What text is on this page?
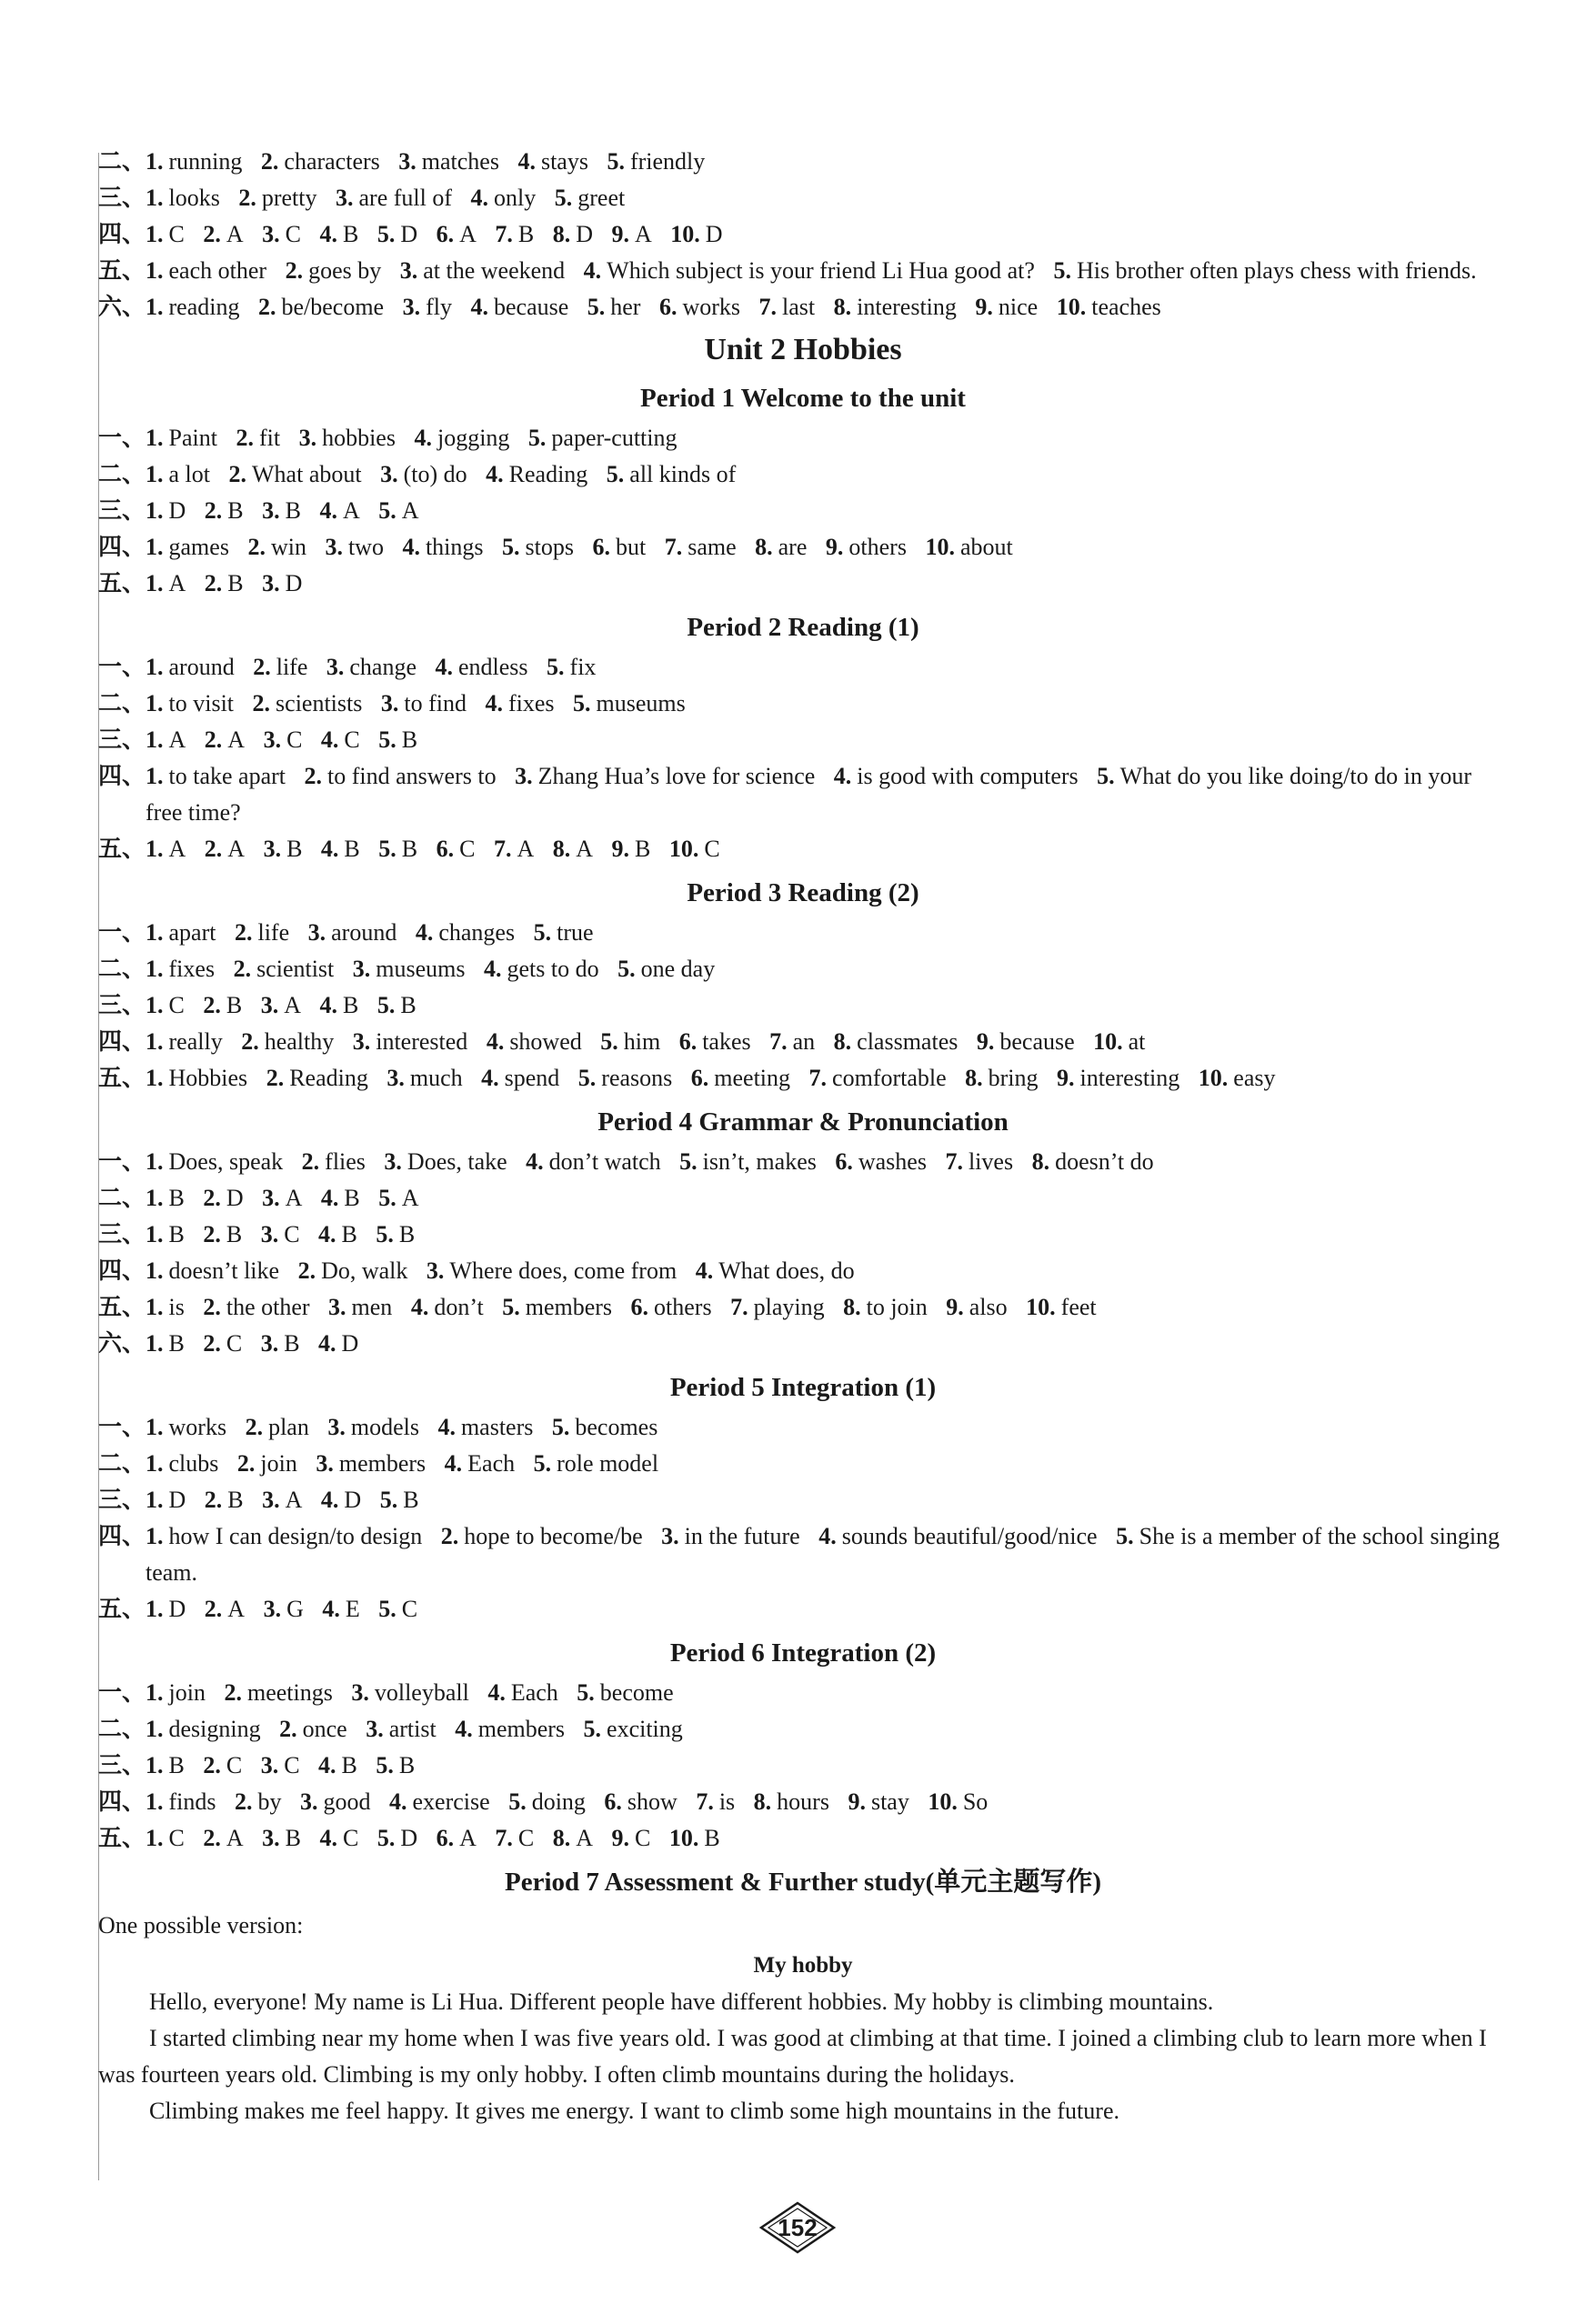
二、1. running 2. characters 3. matches 4. stays 5. friendly

三、1. looks 2. pretty 3. are full of 4. only 5. greet

四、1. C 2. A 3. C 4. B 5. D 6. A 7. B 8. D 9. A 10. D

五、1. each other 2. goes by 3. at the weekend 4. Which subject is your friend Li Hua good at? 5. His brother often plays chess with friends.

六、1. reading 2. be/become 3. fly 4. because 5. her 6. works 7. last 8. interesting 9. nice 10. teaches

Unit 2 Hobbies
Period 1 Welcome to the unit

一、1. Paint 2. fit 3. hobbies 4. jogging 5. paper-cutting

二、1. a lot 2. What about 3. (to) do 4. Reading 5. all kinds of

三、1. D 2. B 3. B 4. A 5. A

四、1. games 2. win 3. two 4. things 5. stops 6. but 7. same 8. are 9. others 10. about

五、1. A 2. B 3. D

Period 2 Reading (1)

一、1. around 2. life 3. change 4. endless 5. fix

二、1. to visit 2. scientists 3. to find 4. fixes 5. museums

三、1. A 2. A 3. C 4. C 5. B

四、1. to take apart 2. to find answers to 3. Zhang Hua’s love for science 4. is good with computers 5. What do you like doing/to do in your free time?

五、1. A 2. A 3. B 4. B 5. B 6. C 7. A 8. A 9. B 10. C

Period 3 Reading (2)

一、1. apart 2. life 3. around 4. changes 5. true

二、1. fixes 2. scientist 3. museums 4. gets to do 5. one day

三、1. C 2. B 3. A 4. B 5. B

四、1. really 2. healthy 3. interested 4. showed 5. him 6. takes 7. an 8. classmates 9. because 10. at

五、1. Hobbies 2. Reading 3. much 4. spend 5. reasons 6. meeting 7. comfortable 8. bring 9. interesting 10. easy

Period 4 Grammar & Pronunciation

一、1. Does, speak 2. flies 3. Does, take 4. don’t watch 5. isn’t, makes 6. washes 7. lives 8. doesn’t do

二、1. B 2. D 3. A 4. B 5. A

三、1. B 2. B 3. C 4. B 5. B

四、1. doesn’t like 2. Do, walk 3. Where does, come from 4. What does, do

五、1. is 2. the other 3. men 4. don’t 5. members 6. others 7. playing 8. to join 9. also 10. feet

六、1. B 2. C 3. B 4. D

Period 5 Integration (1)

一、1. works 2. plan 3. models 4. masters 5. becomes

二、1. clubs 2. join 3. members 4. Each 5. role model

三、1. D 2. B 3. A 4. D 5. B

四、1. how I can design/to design 2. hope to become/be 3. in the future 4. sounds beautiful/good/nice 5. She is a member of the school singing team.

五、1. D 2. A 3. G 4. E 5. C

Period 6 Integration (2)

一、1. join 2. meetings 3. volleyball 4. Each 5. become

二、1. designing 2. once 3. artist 4. members 5. exciting

三、1. B 2. C 3. C 4. B 5. B

四、1. finds 2. by 3. good 4. exercise 5. doing 6. show 7. is 8. hours 9. stay 10. So

五、1. C 2. A 3. B 4. C 5. D 6. A 7. C 8. A 9. C 10. B

Period 7 Assessment & Further study(单元主题写作)

One possible version:

My hobby

Hello, everyone! My name is Li Hua. Different people have different hobbies. My hobby is climbing mountains.

I started climbing near my home when I was five years old. I was good at climbing at that time. I joined a climbing club to learn more when I was fourteen years old. Climbing is my only hobby. I often climb mountains during the holidays.

Climbing makes me feel happy. It gives me energy. I want to climb some high mountains in the future.

152
